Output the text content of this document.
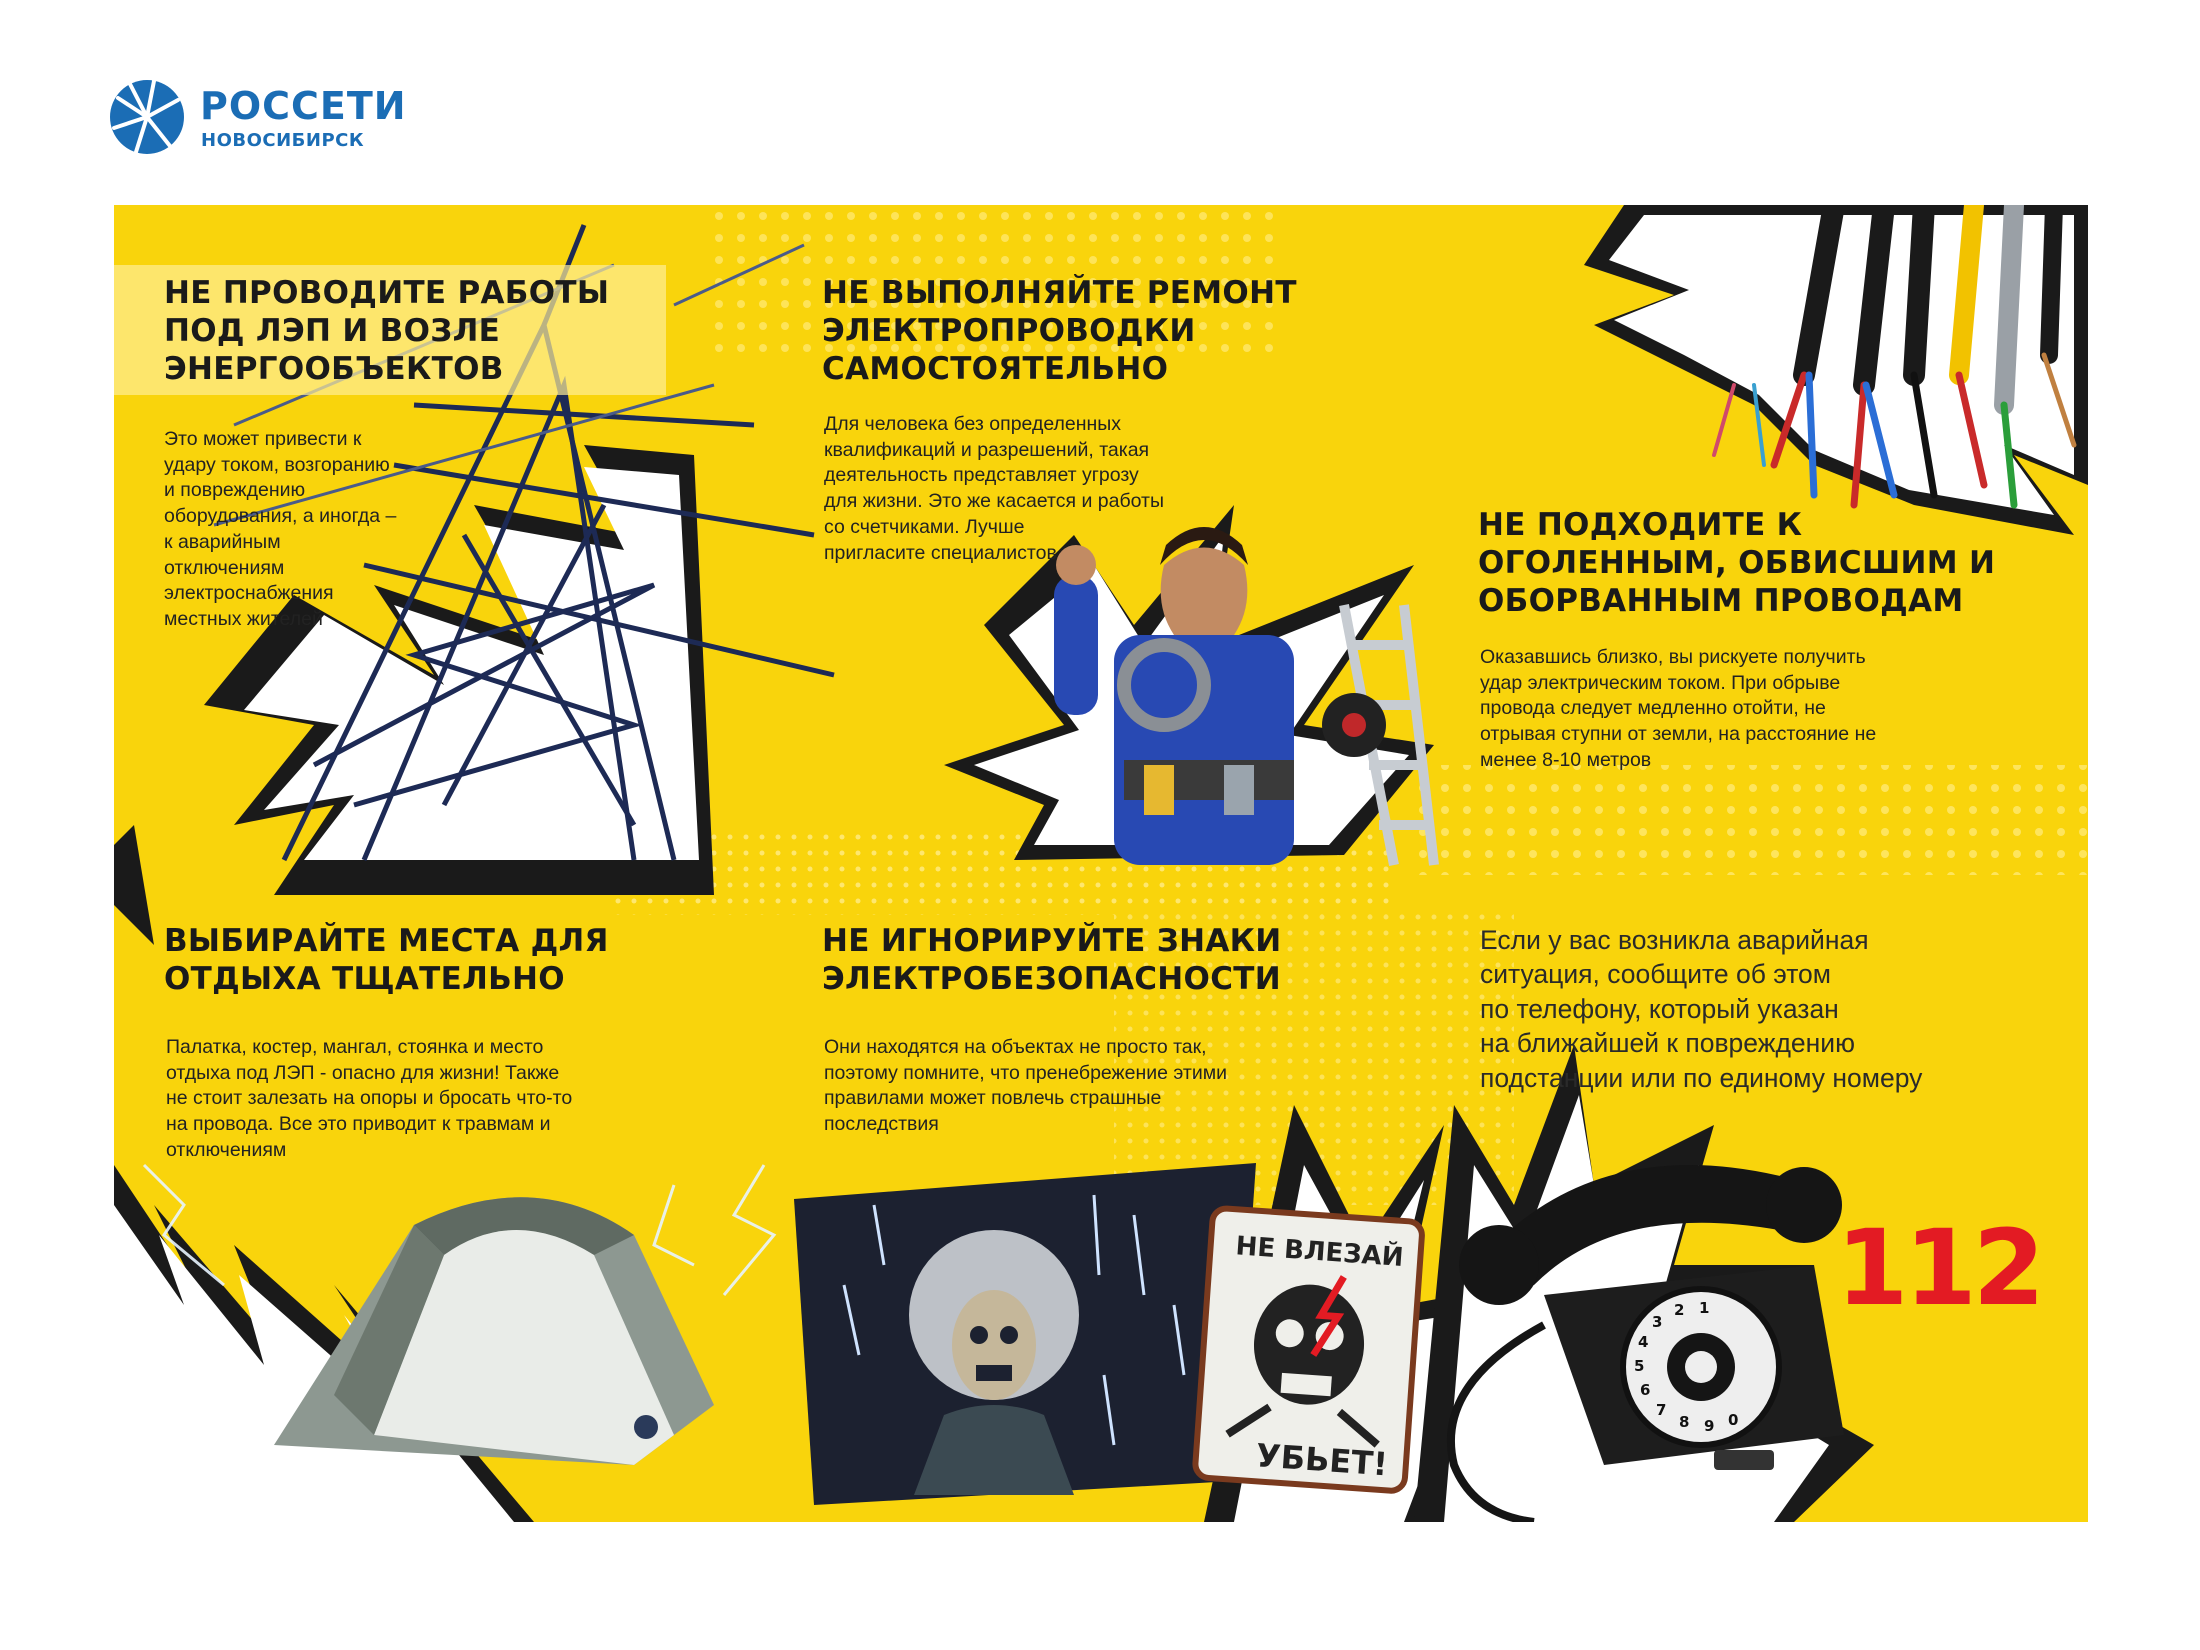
РОССЕТИ
НОВОСИБИРСК
НЕ ВЛЕЗАЙ
УБЬЕТ!
1
2
3
4
5
6
7
8 9 0
НЕ ПРОВОДИТЕ РАБОТЫ ПОД ЛЭП И ВОЗЛЕ ЭНЕРГООБЪЕКТОВ

Это может привести к
удару током, возгоранию
и повреждению
оборудования, а иногда –
к аварийным
отключениям
электроснабжения
местных жителей

НЕ ВЫПОЛНЯЙТЕ РЕМОНТ ЭЛЕКТРОПРОВОДКИ САМОСТОЯТЕЛЬНО

Для человека без определенных
квалификаций и разрешений, такая
деятельность представляет угрозу
для жизни. Это же касается и работы
со счетчиками. Лучше
пригласите специалистов

НЕ ПОДХОДИТЕ К ОГОЛЕННЫМ, ОБВИСШИМ И ОБОРВАННЫМ ПРОВОДАМ

Оказавшись близко, вы рискуете получить
удар электрическим током. При обрыве
провода следует медленно отойти, не
отрывая ступни от земли, на расстояние не
менее 8-10 метров

ВЫБИРАЙТЕ МЕСТА ДЛЯ ОТДЫХА ТЩАТЕЛЬНО

Палатка, костер, мангал, стоянка и место
отдыха под ЛЭП - опасно для жизни! Также
не стоит залезать на опоры и бросать что-то
на провода. Все это приводит к травмам и
отключениям

НЕ ИГНОРИРУЙТЕ ЗНАКИ ЭЛЕКТРОБЕЗОПАСНОСТИ

Они находятся на объектах не просто так,
поэтому помните, что пренебрежение этими
правилами может повлечь страшные
последствия

Если у вас возникла аварийная
ситуация, сообщите об этом
по телефону, который указан
на ближайшей к повреждению
подстанции или по единому номеру

112
